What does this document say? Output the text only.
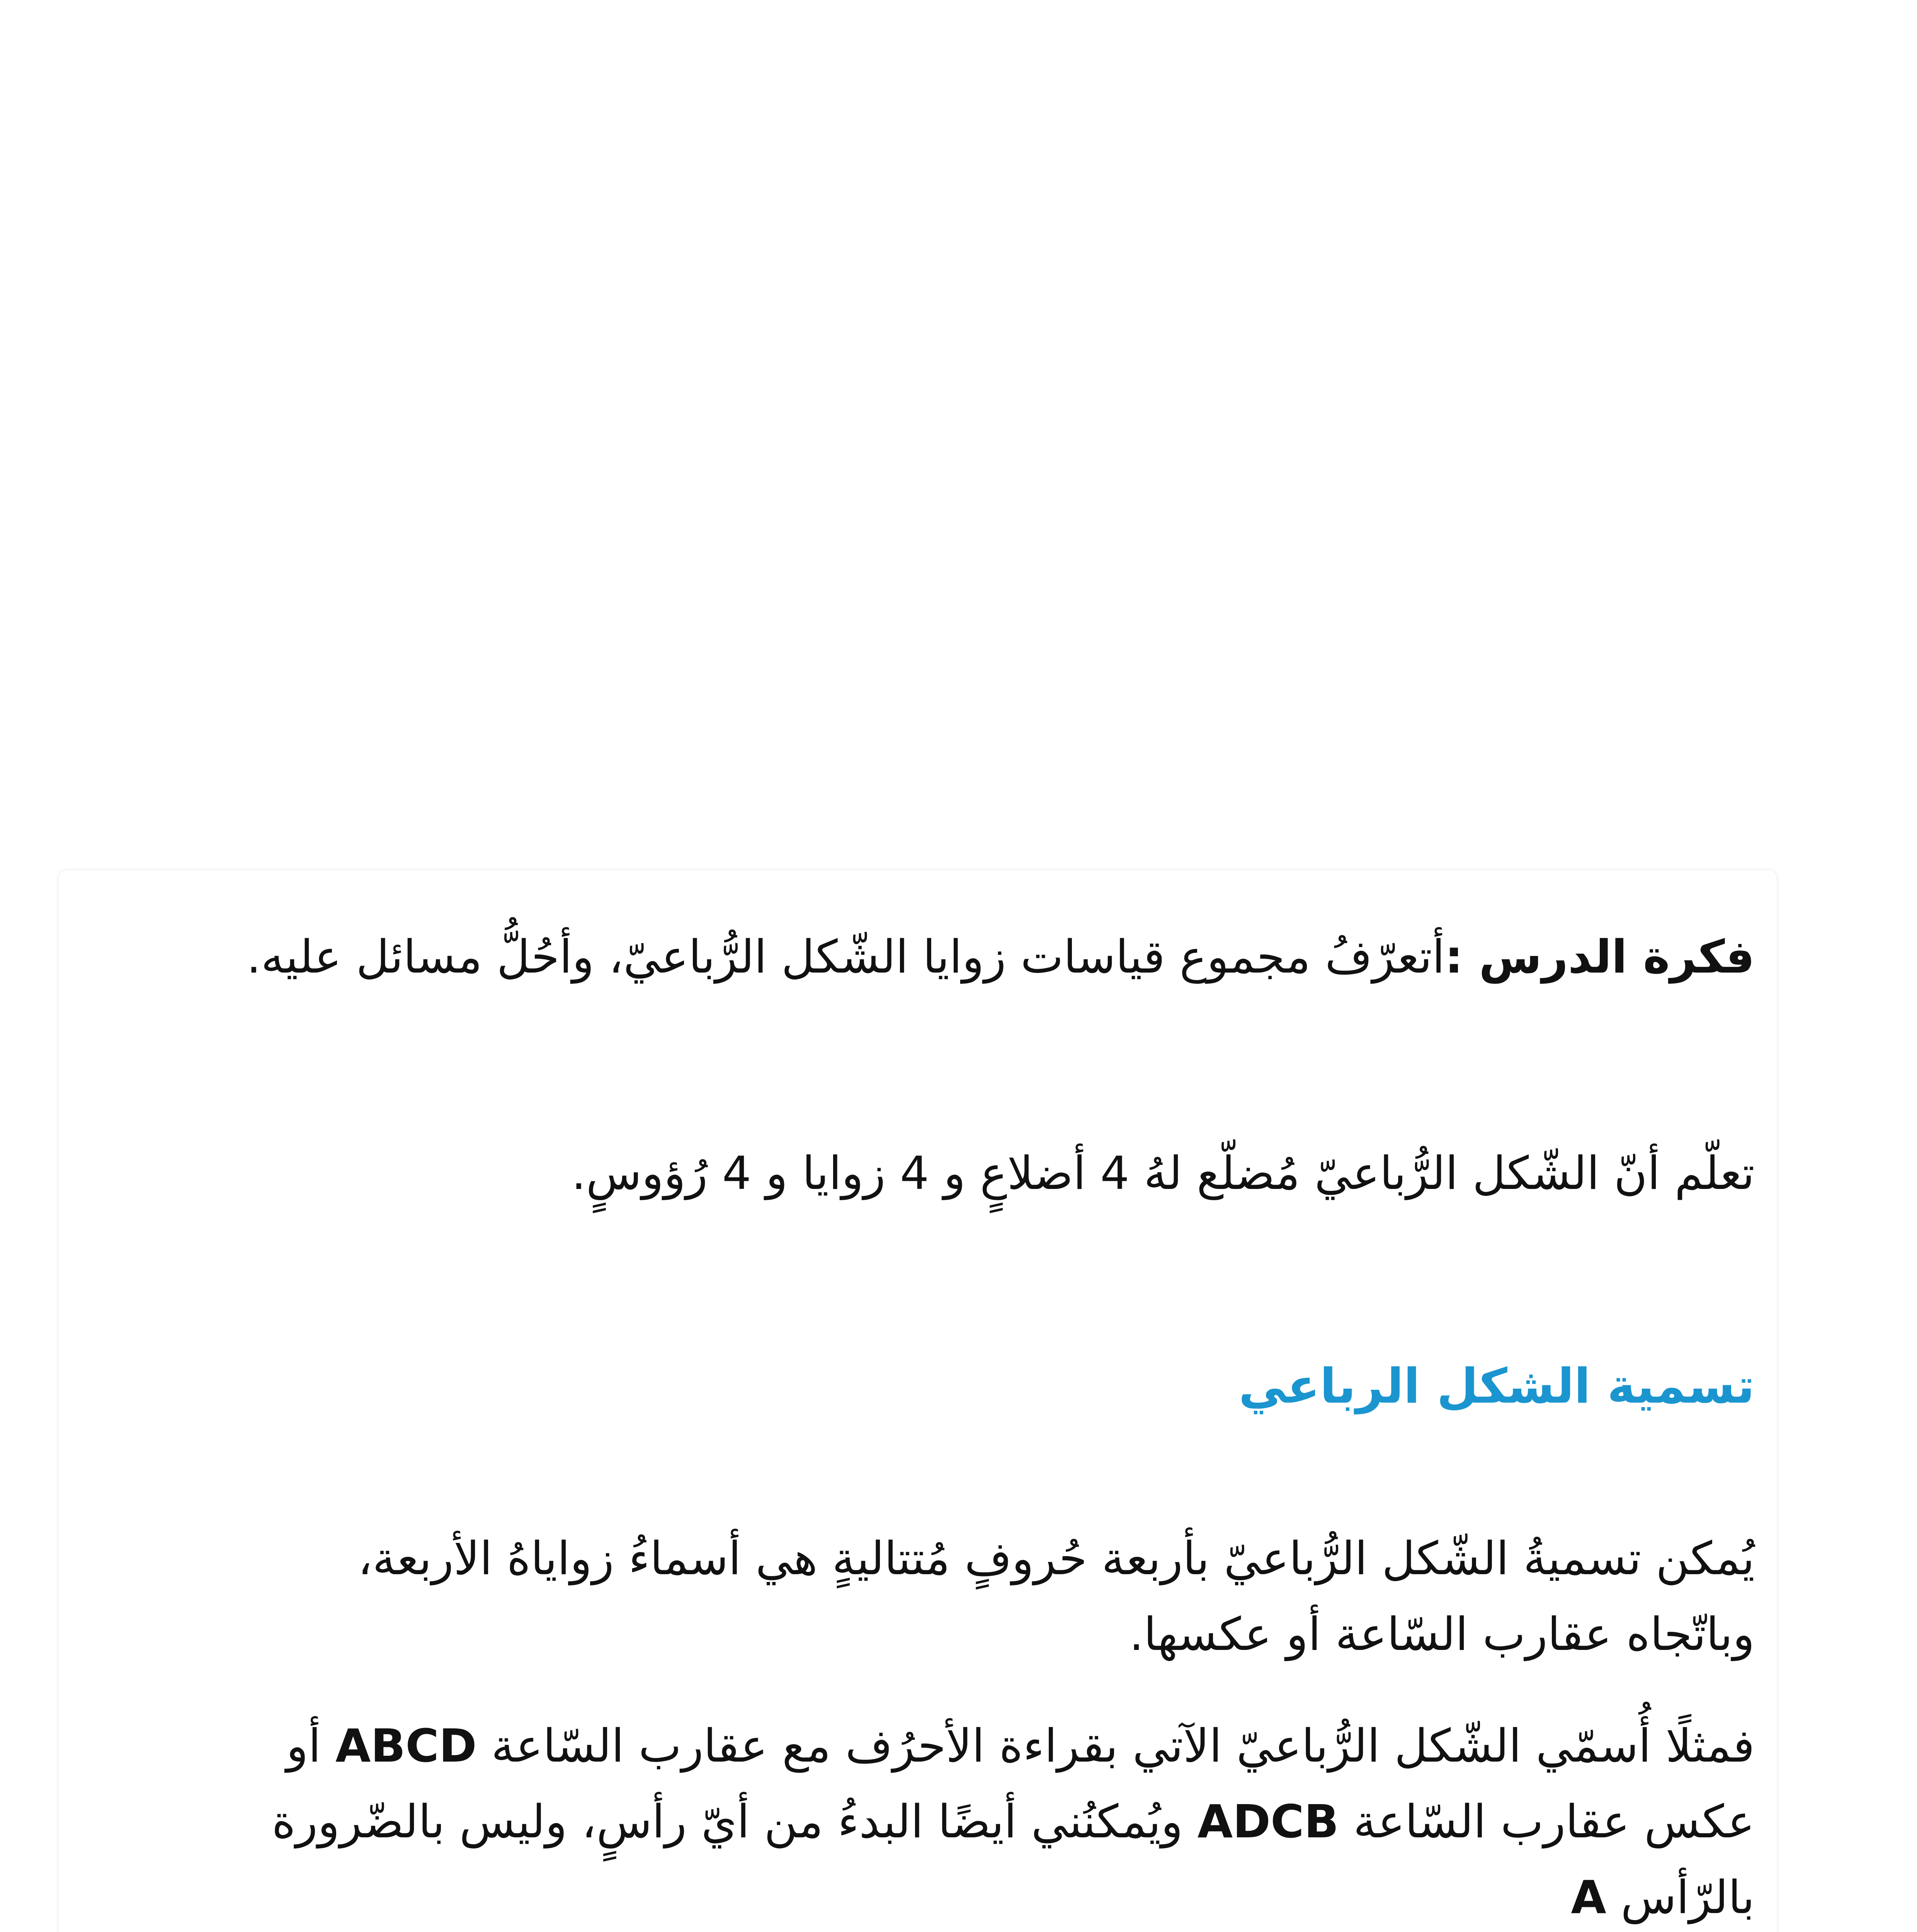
فكرة الدرس :أتعرّفُ مجموع قياسات زوايا الشّكل الرُّباعيّ، وأحُلُّ مسائل عليه.
تعلّم أنّ الشّكل الرُّباعيّ مُضلّع لهُ 4 أضلاعٍ و 4 زوايا و 4 رُؤوسٍ.
تسمية الشكل الرباعي
يُمكن تسميةُ الشّكل الرُّباعيّ بأربعة حُروفٍ مُتتاليةٍ هي أسماءُ زواياهُ الأربعة،
وباتّجاه عقارب السّاعة أو عكسها.
فمثلًا أُسمّي الشّكل الرُّباعيّ الآتي بقراءة الأحرُف مع عقارب السّاعة ABCD أو
عكس عقارب السّاعة ADCB ويُمكنُني أيضًا البدءُ من أيّ رأسٍ، وليس بالضّرورة
بالرّأس A
